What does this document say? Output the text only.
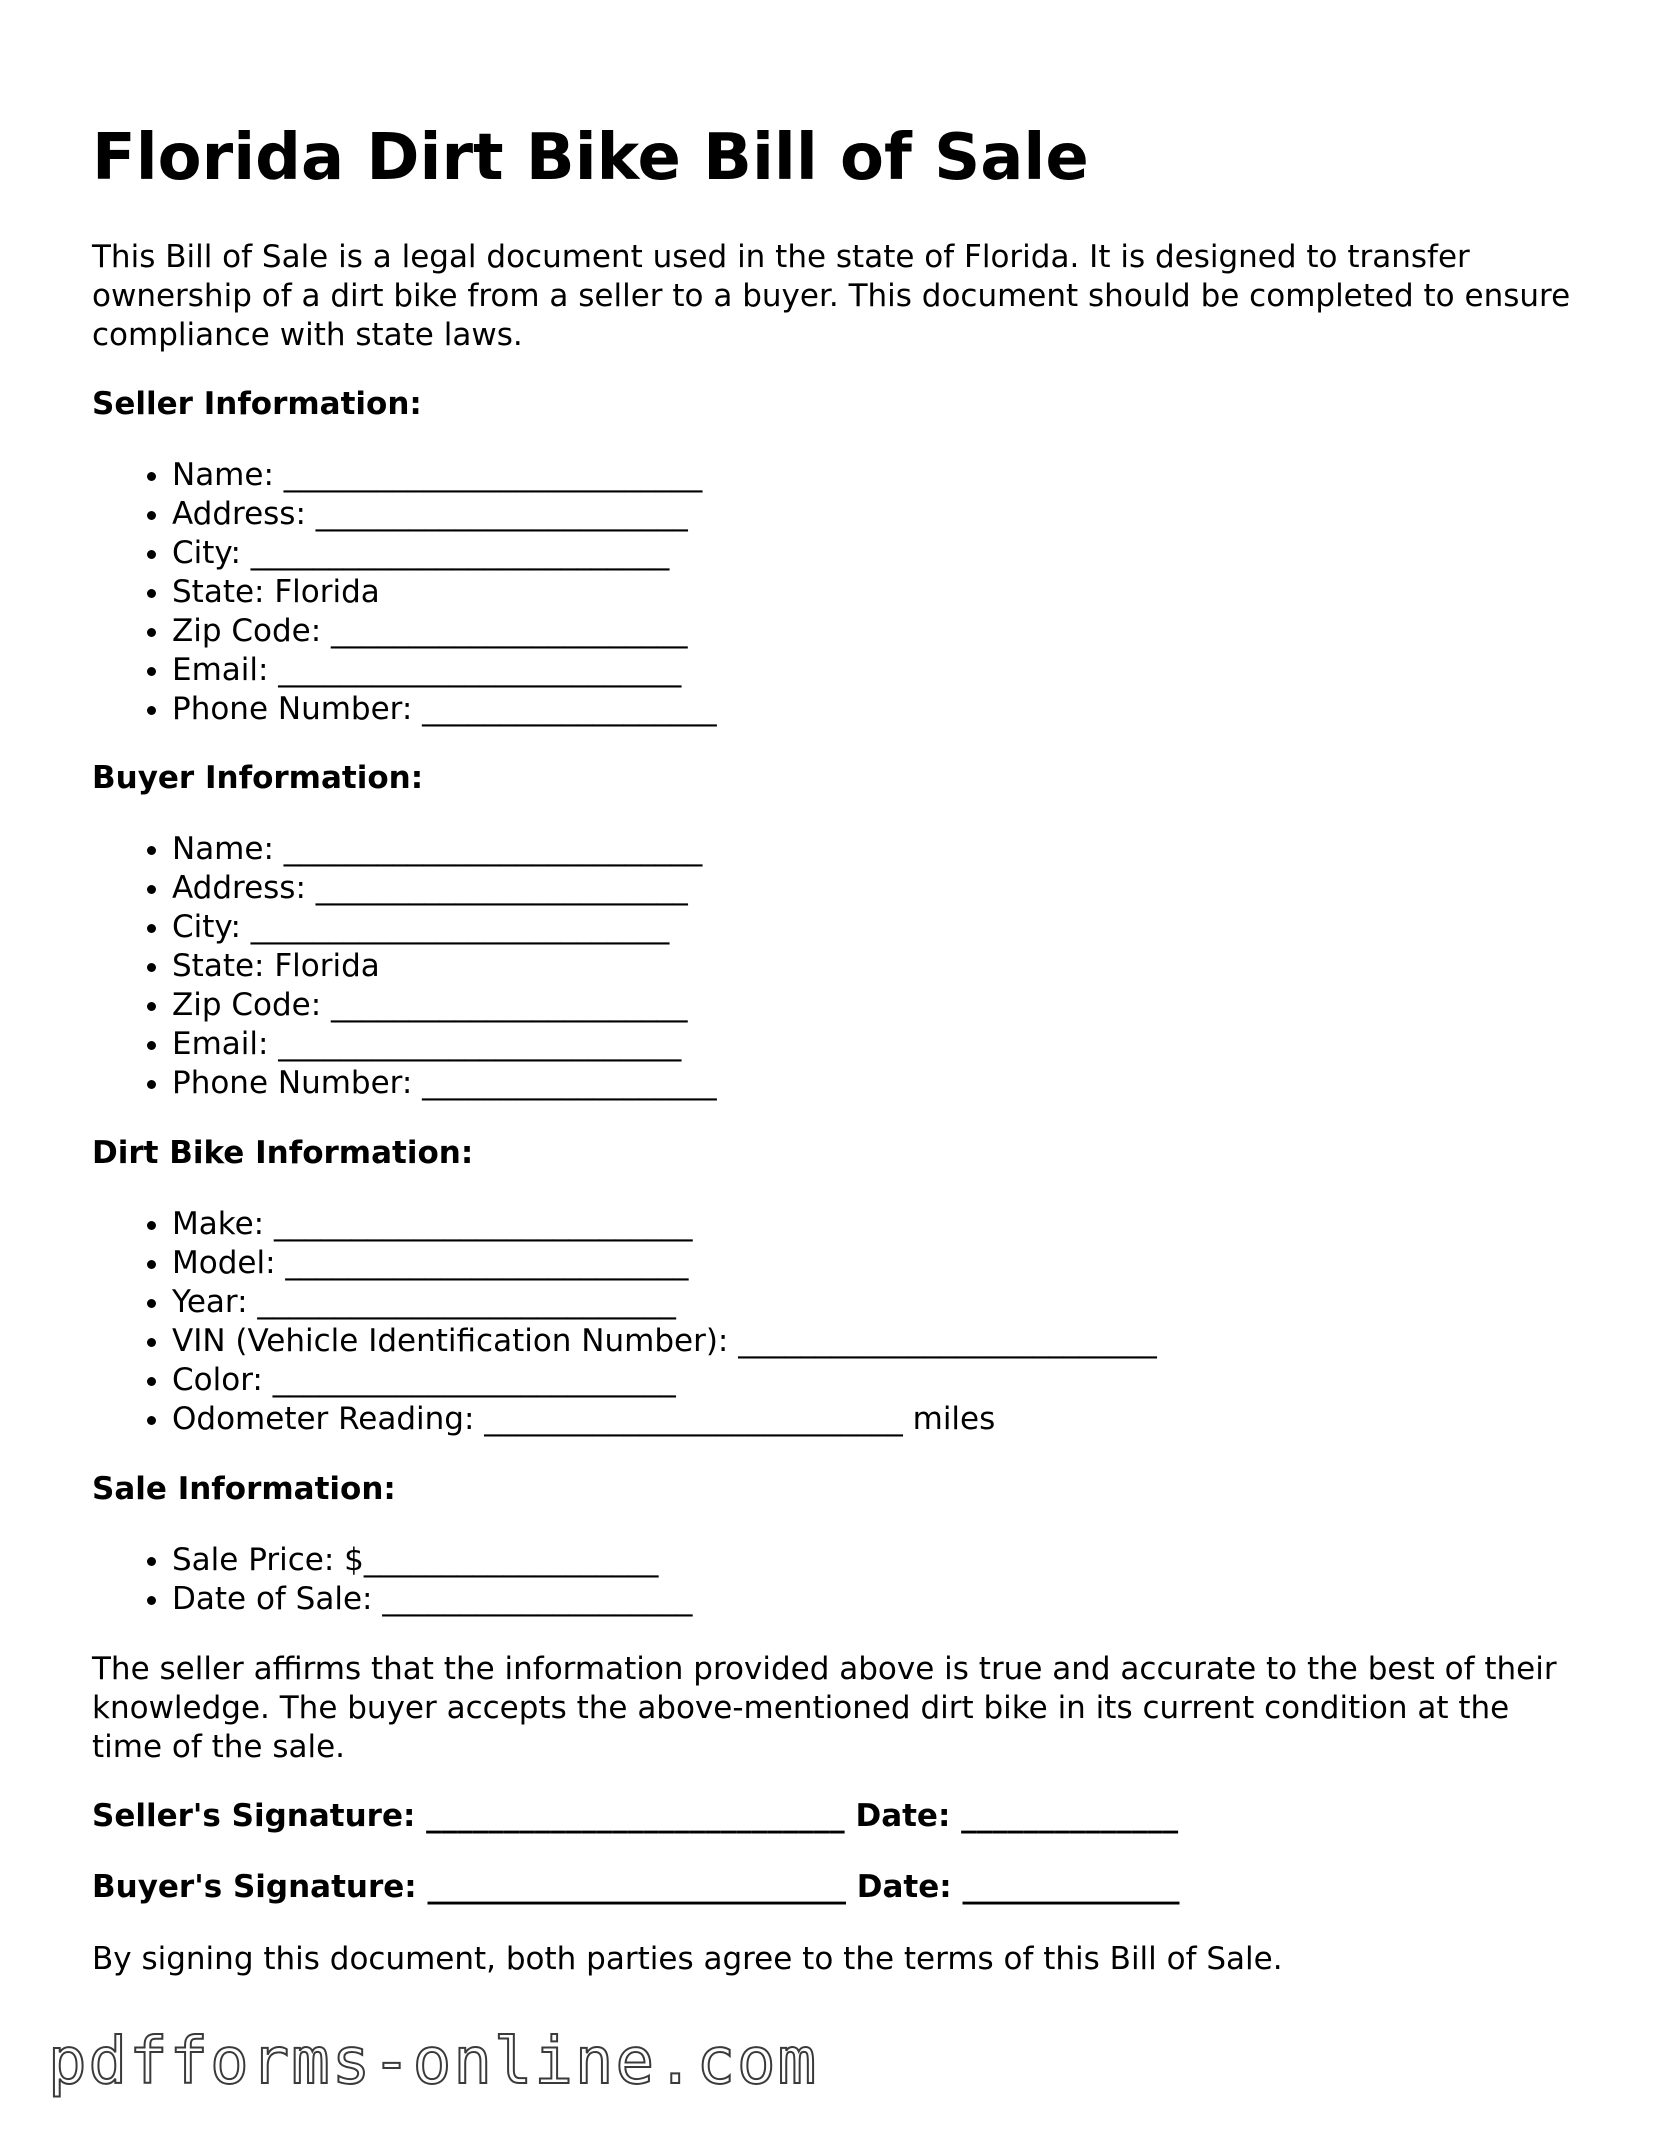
Florida Dirt Bike Bill of Sale

This Bill of Sale is a legal document used in the state of Florida. It is designed to transfer ownership of a dirt bike from a seller to a buyer. This document should be completed to ensure compliance with state laws.

Seller Information:

• Name: ___________________________
• Address: ________________________
• City: ___________________________
• State: Florida
• Zip Code: _______________________
• Email: __________________________
• Phone Number: ___________________

Buyer Information:

• Name: ___________________________
• Address: ________________________
• City: ___________________________
• State: Florida
• Zip Code: _______________________
• Email: __________________________
• Phone Number: ___________________

Dirt Bike Information:

• Make: ___________________________
• Model: __________________________
• Year: ___________________________
• VIN (Vehicle Identification Number): ___________________________
• Color: __________________________
• Odometer Reading: ___________________________ miles

Sale Information:

• Sale Price: $___________________
• Date of Sale: ____________________

The seller affirms that the information provided above is true and accurate to the best of their knowledge. The buyer accepts the above-mentioned dirt bike in its current condition at the time of the sale.

Seller's Signature: ___________________________ Date: ______________

Buyer's Signature: ___________________________ Date: ______________

By signing this document, both parties agree to the terms of this Bill of Sale.

pdfforms-online.com
